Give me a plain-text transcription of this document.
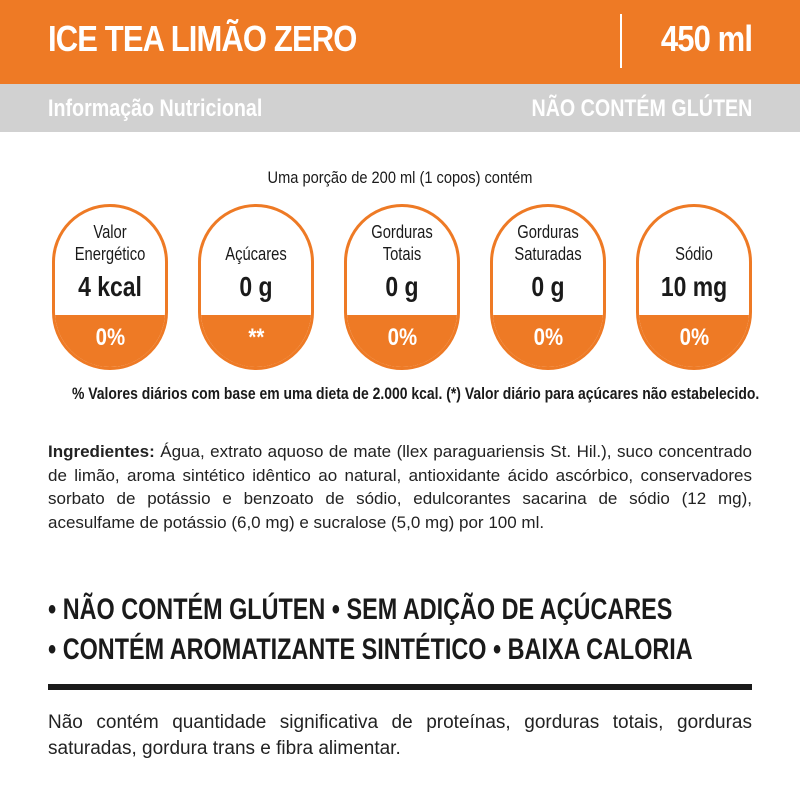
ICE TEA LIMÃO ZERO	450 ml
Informação Nutricional	NÃO CONTÉM GLÚTEN
Uma porção de 200 ml (1 copos) contém
Valor
Energético
4 kcal
0%

Açúcares
0 g
**
Gorduras
Totais
0 g
0%
Gorduras
Saturadas
0 g
0%

Sódio
10 mg
0%
% Valores diários com base em uma dieta de 2.000 kcal. (*) Valor diário para açúcares não estabelecido.
Ingredientes: Água, extrato aquoso de mate (llex paraguariensis St. Hil.), suco concentrado de limão, aroma sintético idêntico ao natural, antioxidante ácido ascórbico, conservadores sorbato de potássio e benzoato de sódio, edulcorantes sacarina de sódio (12 mg), acesulfame de potássio (6,0 mg) e sucralose (5,0 mg) por 100 ml.
• NÃO CONTÉM GLÚTEN • SEM ADIÇÃO DE AÇÚCARES
• CONTÉM AROMATIZANTE SINTÉTICO • BAIXA CALORIA
Não contém quantidade significativa de proteínas, gorduras totais, gorduras saturadas, gordura trans e fibra alimentar.
